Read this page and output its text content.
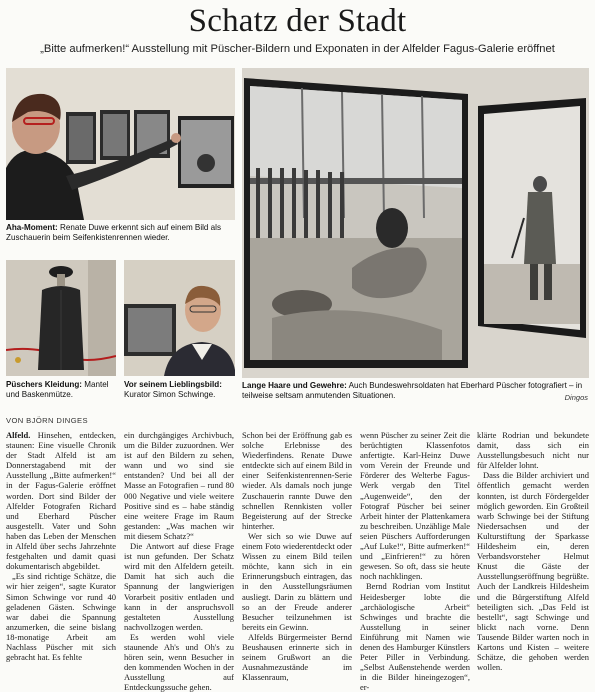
Schatz der Stadt
„Bitte aufmerken!“ Ausstellung mit Püscher-Bildern und Exponaten in der Alfelder Fagus-Galerie eröffnet
Aha-Moment: Renate Duwe erkennt sich auf einem Bild als Zuschauerin beim Seifenkistenrennen wieder.
Püschers Kleidung: Mantel und Baskenmütze.
Vor seinem Lieblingsbild: Kurator Simon Schwinge.
Lange Haare und Gewehre: Auch Bundeswehrsoldaten hat Eberhard Püscher fotografiert – in teilweise seltsam anmutenden Situationen.	Dingos
VON BJÖRN DINGES

Alfeld. Hinsehen, entdecken, staunen: Eine visuelle Chronik der Stadt Alfeld ist am Donnerstagabend mit der Ausstellung „Bitte aufmerken!“ in der Fagus-Galerie eröffnet worden. Dort sind Bilder der Alfelder Fotografen Richard und Eberhard Püscher ausgestellt. Vater und Sohn haben das Leben der Menschen in Alfeld über sechs Jahrzehnte festgehalten und damit quasi dokumentarisch abgebildet.

„Es sind richtige Schätze, die wir hier zeigen“, sagte Kurator Simon Schwinge vor rund 40 geladenen Gästen. Schwinge war dabei die Spannung anzumerken, die seine bislang 18-monatige Arbeit am Nachlass Püscher mit sich gebracht hat. Es fehlte

ein durchgängiges Archivbuch, um die Bilder zuzuordnen. Wer ist auf den Bildern zu sehen, wann und wo sind sie entstanden? Und bei all der Masse an Fotografien – rund 80 000 Negative und viele weitere Positive sind es – habe ständig eine weitere Frage im Raum gestanden: „Was machen wir mit diesem Schatz?“

Die Antwort auf diese Frage ist nun gefunden. Der Schatz wird mit den Alfeldern geteilt. Damit hat sich auch die Spannung der langwierigen Vorarbeit positiv entladen und kann in der anspruchsvoll gestalteten Ausstellung nachvollzogen werden.

Es werden wohl viele staunende Ah's und Oh's zu hören sein, wenn Besucher in den kommenden Wochen in der Ausstellung auf Entdeckungssuche gehen.

Schon bei der Eröffnung gab es solche Erlebnisse des Wiederfindens. Renate Duwe entdeckte sich auf einem Bild in einer Seifenkistenrennen-Serie wieder. Als damals noch junge Zuschauerin rannte Duwe den schnellen Rennkisten voller Begeisterung auf der Strecke hinterher.

Wer sich so wie Duwe auf einem Foto wiederentdeckt oder Wissen zu einem Bild teilen möchte, kann sich in ein Erinnerungsbuch eintragen, das in den Ausstellungsräumen ausliegt. Darin zu blättern und so an der Freude anderer Besucher teilzunehmen ist bereits ein Gewinn.

Alfelds Bürgermeister Bernd Beushausen erinnerte sich in seinem Grußwort an die Ausnahmezustände im Klassenraum,

wenn Püscher zu seiner Zeit die berüchtigten Klassenfotos anfertigte. Karl-Heinz Duwe vom Verein der Freunde und Förderer des Welterbe Fagus-Werk vergab den Titel „Augenweide“, den der Fotograf Püscher bei seiner Arbeit hinter der Plattenkamera zu beschreiben. Unzählige Male seien Püschers Aufforderungen „Auf Luke!“, Bitte aufmerken!“ und „Einfrieren!“ zu hören gewesen. So oft, dass sie heute noch nachklingen.

Bernd Rodrian vom Institut Heidesberger lobte die „archäologische Arbeit“ Schwinges und brachte die Ausstellung in seiner Einführung mit Namen wie denen des Hamburger Künstlers Peter Piller in Verbindung. „Selbst Außenstehende werden in die Bilder hineingezogen“, er-

klärte Rodrian und bekundete damit, dass sich ein Ausstellungsbesuch nicht nur für Alfelder lohnt.

Dass die Bilder archiviert und öffentlich gemacht werden konnten, ist durch Fördergelder möglich geworden. Ein Großteil warb Schwinge bei der Stiftung Niedersachsen und der Kulturstiftung der Sparkasse Hildesheim ein, deren Verbandsvorsteher Helmut Knust die Gäste der Ausstellungseröffnung begrüßte. Auch der Landkreis Hildesheim und die Bürgerstiftung Alfeld beteiligten sich. „Das Feld ist bestellt“, sagt Schwinge und blickt nach vorne. Denn Tausende Bilder warten noch in Kartons und Kisten – weitere Schätze, die gehoben werden wollen.
